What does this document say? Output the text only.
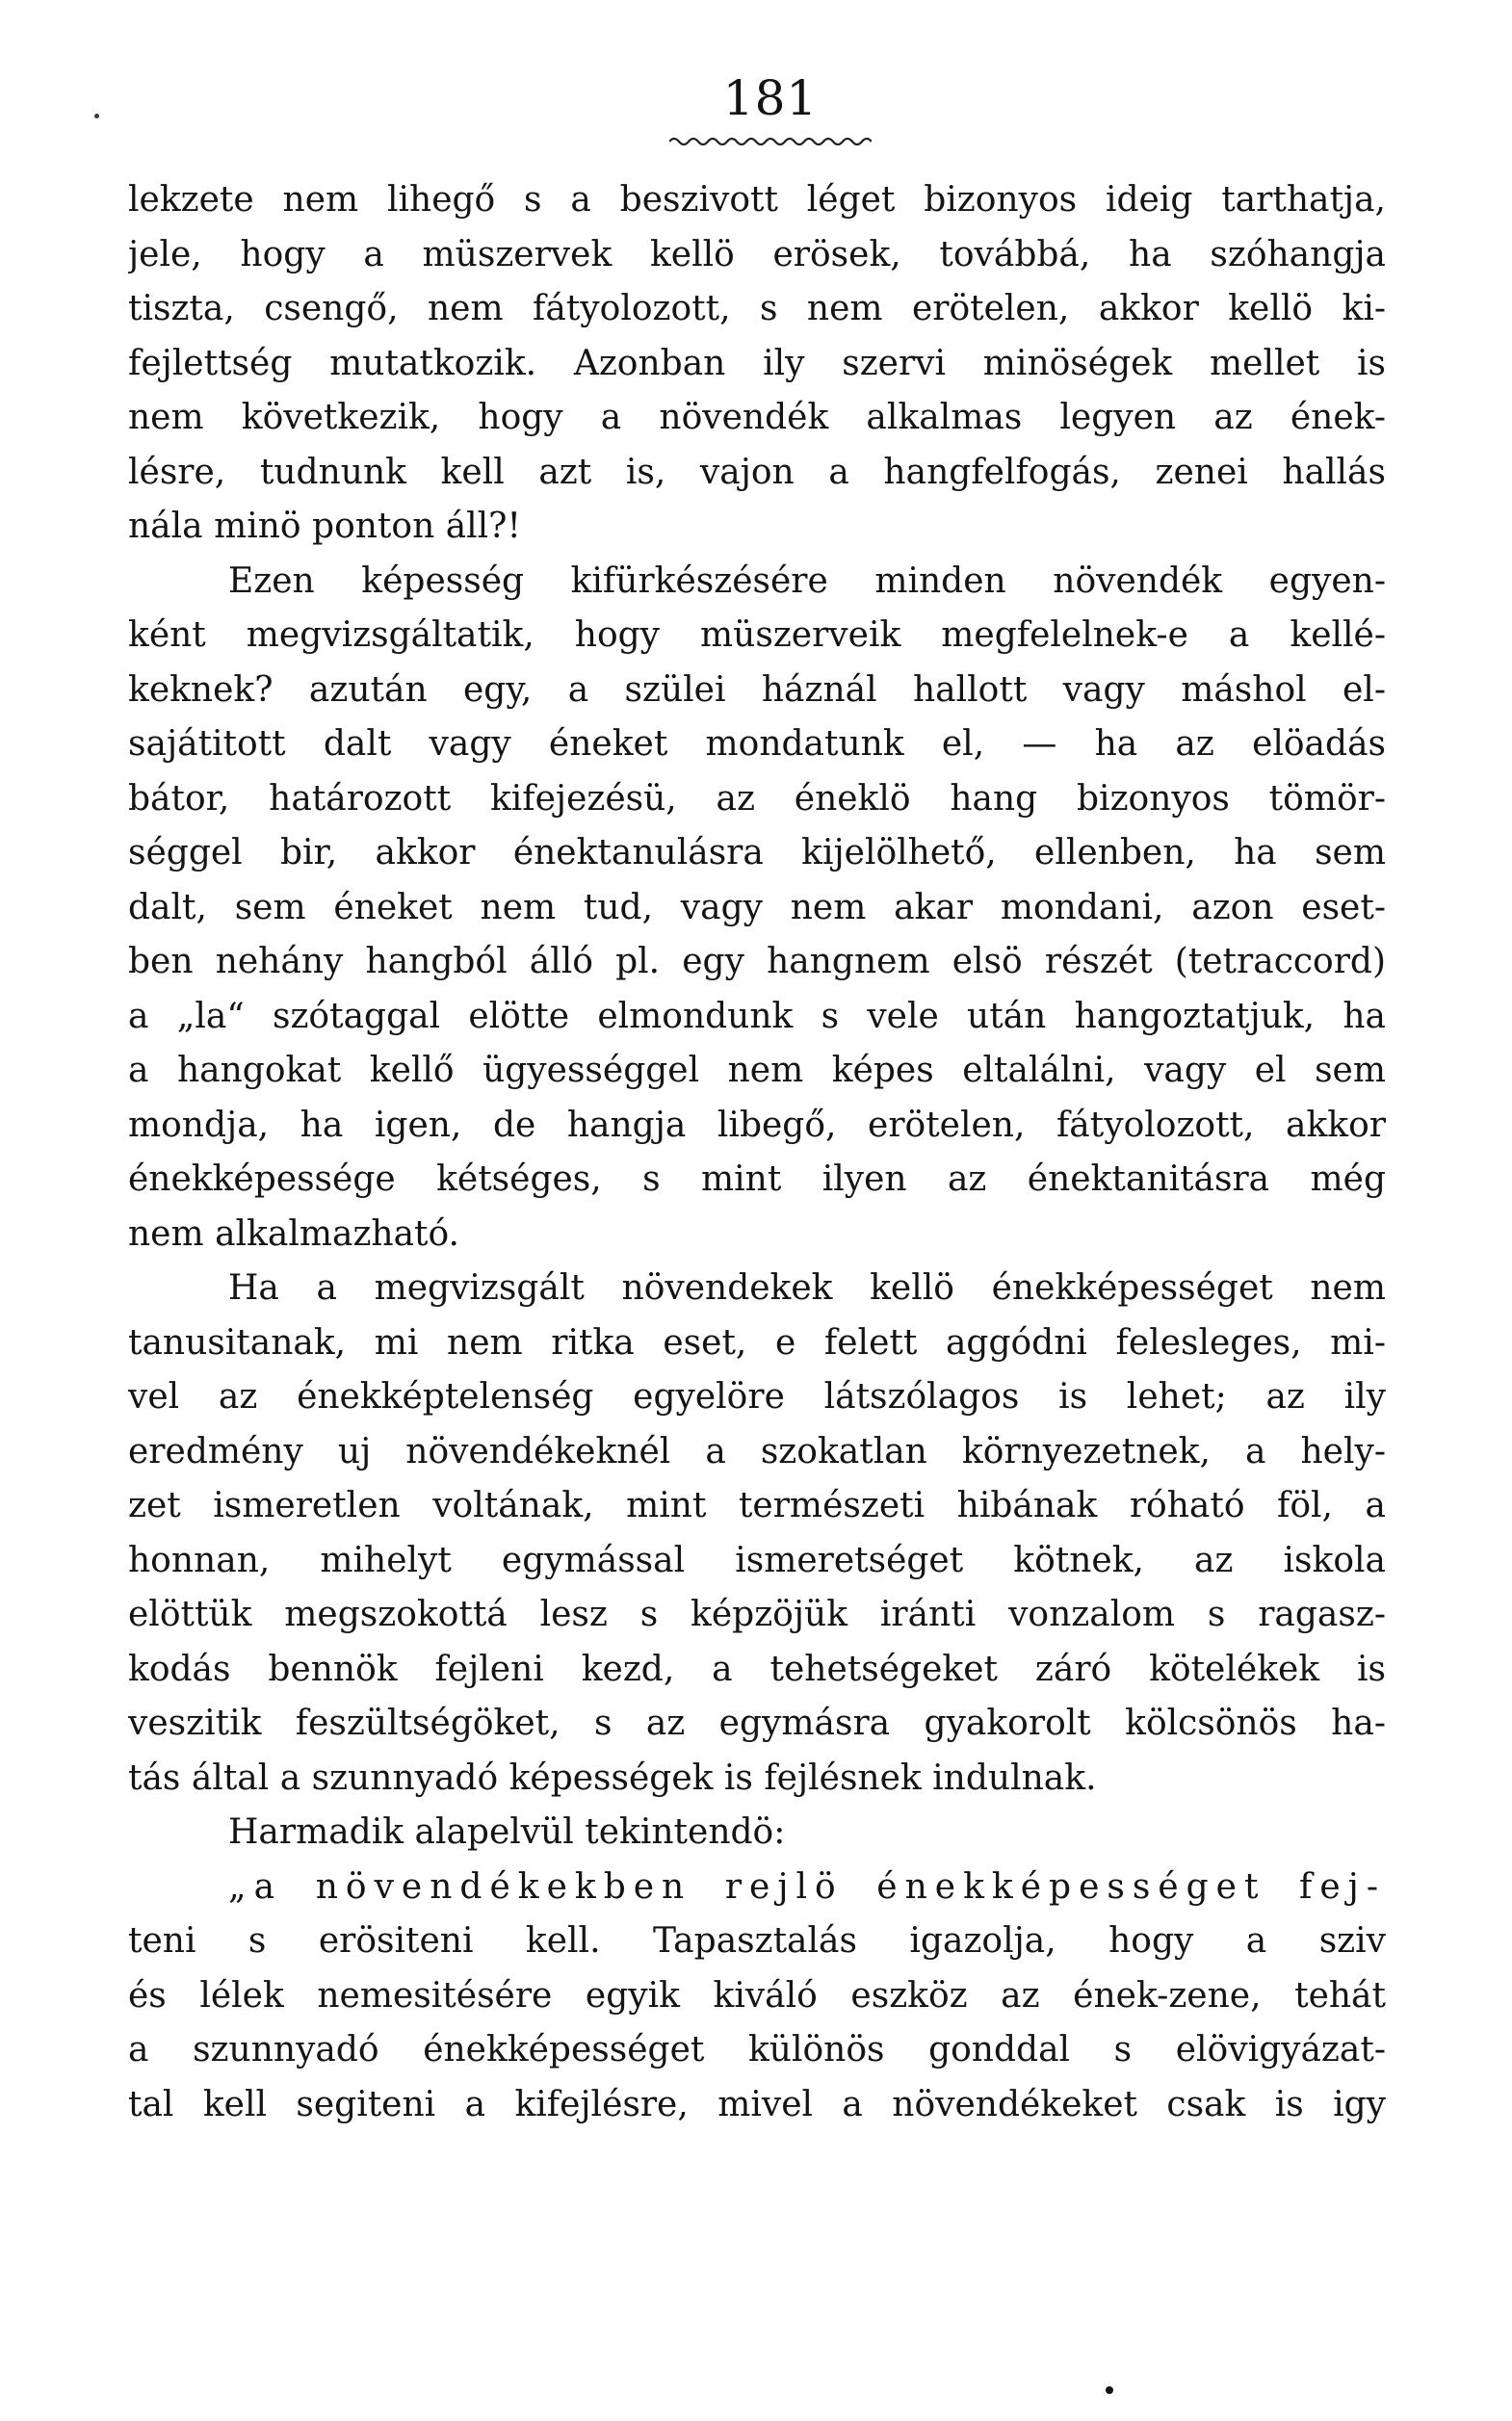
181
lekzete nem lihegő s a beszivott léget bizonyos ideig tarthatja,
jele, hogy a müszervek kellö erösek, továbbá, ha szóhangja
tiszta, csengő, nem fátyolozott, s nem erötelen, akkor kellö ki-
fejlettség mutatkozik. Azonban ily szervi minöségek mellet is
nem következik, hogy a növendék alkalmas legyen az ének-
lésre, tudnunk kell azt is, vajon a hangfelfogás, zenei hallás
nála minö ponton áll?!
Ezen képesség kifürkészésére minden növendék egyen-
ként megvizsgáltatik, hogy müszerveik megfelelnek-e a kellé-
keknek? azután egy, a szülei háznál hallott vagy máshol el-
sajátitott dalt vagy éneket mondatunk el, — ha az elöadás
bátor, határozott kifejezésü, az éneklö hang bizonyos tömör-
séggel bir, akkor énektanulásra kijelölhető, ellenben, ha sem
dalt, sem éneket nem tud, vagy nem akar mondani, azon eset-
ben nehány hangból álló pl. egy hangnem elsö részét (tetraccord)
a „la“ szótaggal elötte elmondunk s vele után hangoztatjuk, ha
a hangokat kellő ügyességgel nem képes eltalálni, vagy el sem
mondja, ha igen, de hangja libegő, erötelen, fátyolozott, akkor
énekképessége kétséges, s mint ilyen az énektanitásra még
nem alkalmazható.
Ha a megvizsgált növendekek kellö énekképességet nem
tanusitanak, mi nem ritka eset, e felett aggódni felesleges, mi-
vel az énekképtelenség egyelöre látszólagos is lehet; az ily
eredmény uj növendékeknél a szokatlan környezetnek, a hely-
zet ismeretlen voltának, mint természeti hibának róható föl, a
honnan, mihelyt egymással ismeretséget kötnek, az iskola
elöttük megszokottá lesz s képzöjük iránti vonzalom s ragasz-
kodás bennök fejleni kezd, a tehetségeket záró kötelékek is
veszitik feszültségöket, s az egymásra gyakorolt kölcsönös ha-
tás által a szunnyadó képességek is fejlésnek indulnak.
Harmadik alapelvül tekintendö:
„a növendékekben rejlö énekképességet fej-
teni s erösiteni kell. Tapasztalás igazolja, hogy a sziv
és lélek nemesitésére egyik kiváló eszköz az ének-zene, tehát
a szunnyadó énekképességet különös gonddal s elövigyázat-
tal kell segiteni a kifejlésre, mivel a növendékeket csak is igy
